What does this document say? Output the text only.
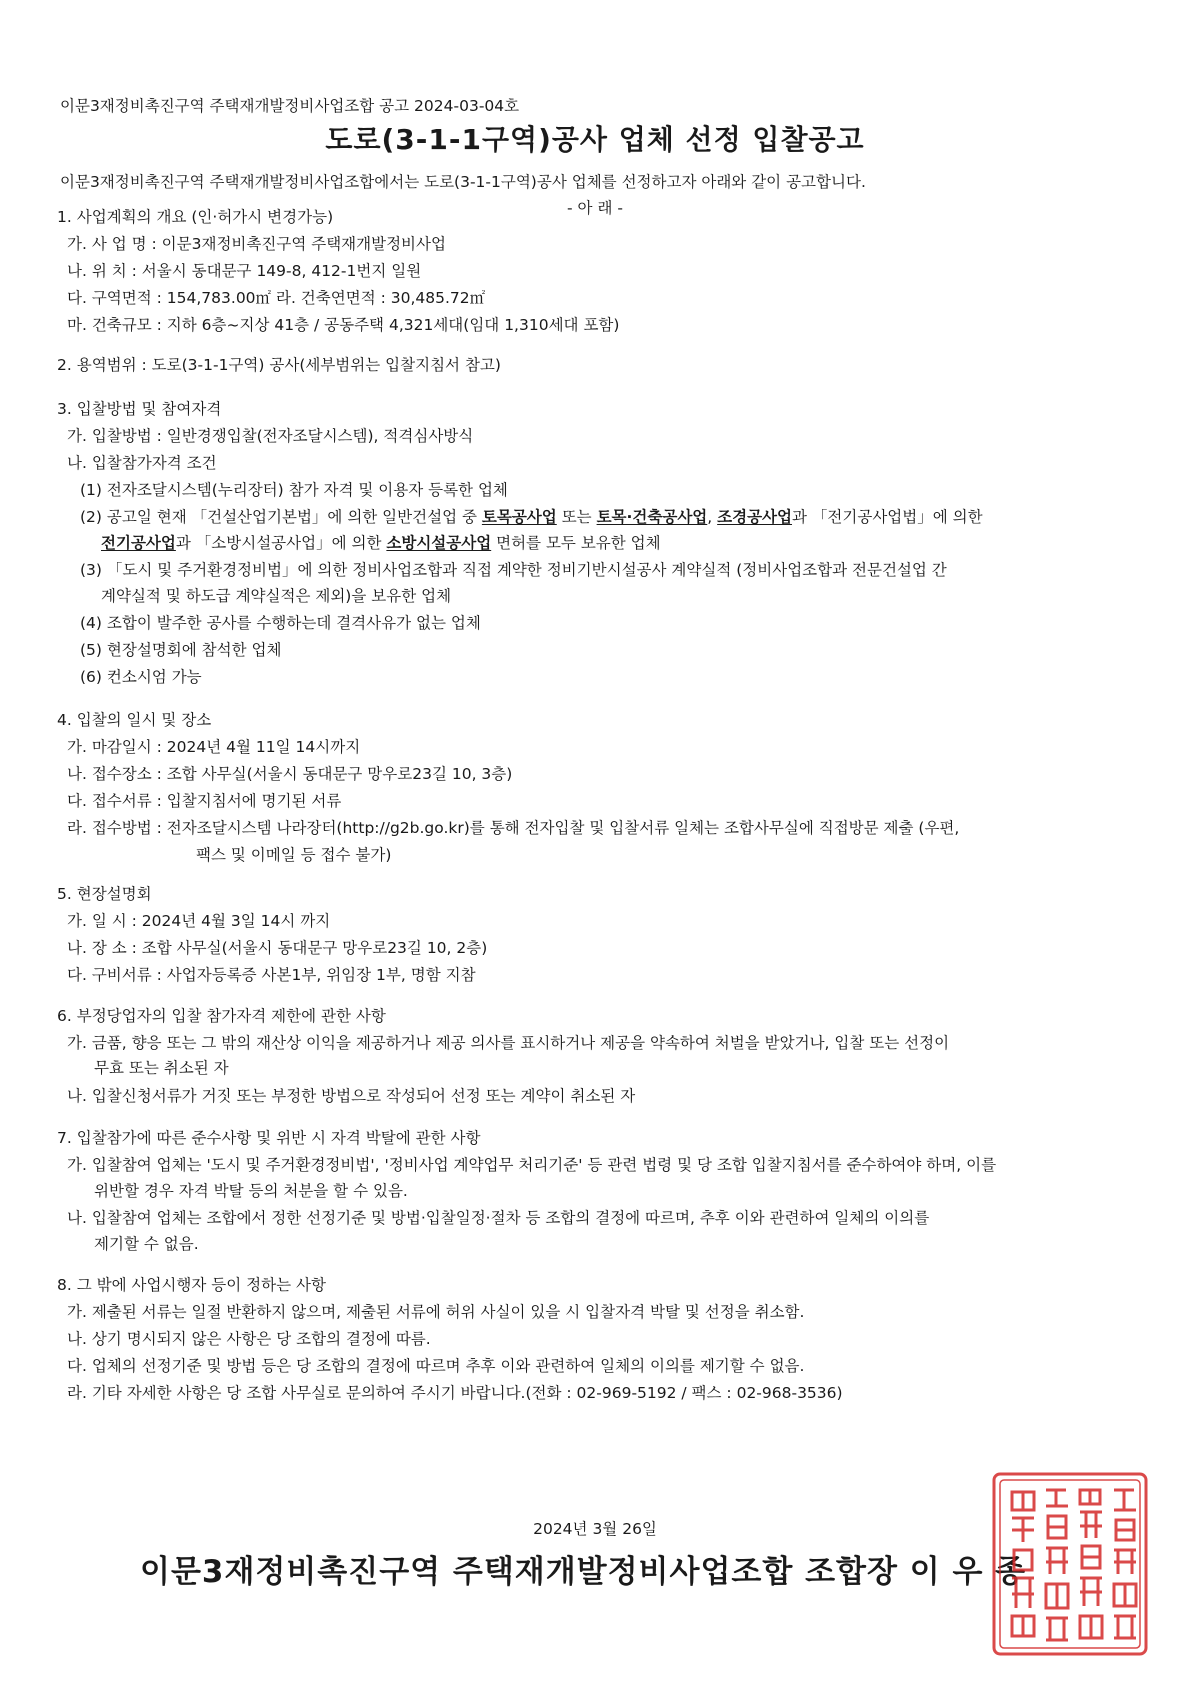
이문3재정비촉진구역 주택재개발정비사업조합 공고 2024-03-04호
도로(3-1-1구역)공사 업체 선정 입찰공고
이문3재정비촉진구역 주택재개발정비사업조합에서는 도로(3-1-1구역)공사 업체를 선정하고자 아래와 같이 공고합니다.
- 아 래 -
1. 사업계획의 개요 (인·허가시 변경가능)
가. 사 업 명 : 이문3재정비촉진구역 주택재개발정비사업
나. 위 치 : 서울시 동대문구 149-8, 412-1번지 일원
다. 구역면적 : 154,783.00㎡ 라. 건축연면적 : 30,485.72㎡
마. 건축규모 : 지하 6층~지상 41층 / 공동주택 4,321세대(임대 1,310세대 포함)
2. 용역범위 : 도로(3-1-1구역) 공사(세부범위는 입찰지침서 참고)
3. 입찰방법 및 참여자격
가. 입찰방법 : 일반경쟁입찰(전자조달시스템), 적격심사방식
나. 입찰참가자격 조건
(1) 전자조달시스템(누리장터) 참가 자격 및 이용자 등록한 업체
(2) 공고일 현재 「건설산업기본법」에 의한 일반건설업 중 토목공사업 또는 토목·건축공사업, 조경공사업과 「전기공사업법」에 의한
전기공사업과 「소방시설공사업」에 의한 소방시설공사업 면허를 모두 보유한 업체
(3) 「도시 및 주거환경정비법」에 의한 정비사업조합과 직접 계약한 정비기반시설공사 계약실적 (정비사업조합과 전문건설업 간
계약실적 및 하도급 계약실적은 제외)을 보유한 업체
(4) 조합이 발주한 공사를 수행하는데 결격사유가 없는 업체
(5) 현장설명회에 참석한 업체
(6) 컨소시엄 가능
4. 입찰의 일시 및 장소
가. 마감일시 : 2024년 4월 11일 14시까지
나. 접수장소 : 조합 사무실(서울시 동대문구 망우로23길 10, 3층)
다. 접수서류 : 입찰지침서에 명기된 서류
라. 접수방법 : 전자조달시스템 나라장터(http://g2b.go.kr)를 통해 전자입찰 및 입찰서류 일체는 조합사무실에 직접방문 제출 (우편,
팩스 및 이메일 등 접수 불가)
5. 현장설명회
가. 일 시 : 2024년 4월 3일 14시 까지
나. 장 소 : 조합 사무실(서울시 동대문구 망우로23길 10, 2층)
다. 구비서류 : 사업자등록증 사본1부, 위임장 1부, 명함 지참
6. 부정당업자의 입찰 참가자격 제한에 관한 사항
가. 금품, 향응 또는 그 밖의 재산상 이익을 제공하거나 제공 의사를 표시하거나 제공을 약속하여 처벌을 받았거나, 입찰 또는 선정이
무효 또는 취소된 자
나. 입찰신청서류가 거짓 또는 부정한 방법으로 작성되어 선정 또는 계약이 취소된 자
7. 입찰참가에 따른 준수사항 및 위반 시 자격 박탈에 관한 사항
가. 입찰참여 업체는 '도시 및 주거환경정비법', '정비사업 계약업무 처리기준' 등 관련 법령 및 당 조합 입찰지침서를 준수하여야 하며, 이를
위반할 경우 자격 박탈 등의 처분을 할 수 있음.
나. 입찰참여 업체는 조합에서 정한 선정기준 및 방법·입찰일정·절차 등 조합의 결정에 따르며, 추후 이와 관련하여 일체의 이의를
제기할 수 없음.
8. 그 밖에 사업시행자 등이 정하는 사항
가. 제출된 서류는 일절 반환하지 않으며, 제출된 서류에 허위 사실이 있을 시 입찰자격 박탈 및 선정을 취소함.
나. 상기 명시되지 않은 사항은 당 조합의 결정에 따름.
다. 업체의 선정기준 및 방법 등은 당 조합의 결정에 따르며 추후 이와 관련하여 일체의 이의를 제기할 수 없음.
라. 기타 자세한 사항은 당 조합 사무실로 문의하여 주시기 바랍니다.(전화 : 02-969-5192 / 팩스 : 02-968-3536)
2024년 3월 26일
이문3재정비촉진구역 주택재개발정비사업조합 조합장 이 우 종
